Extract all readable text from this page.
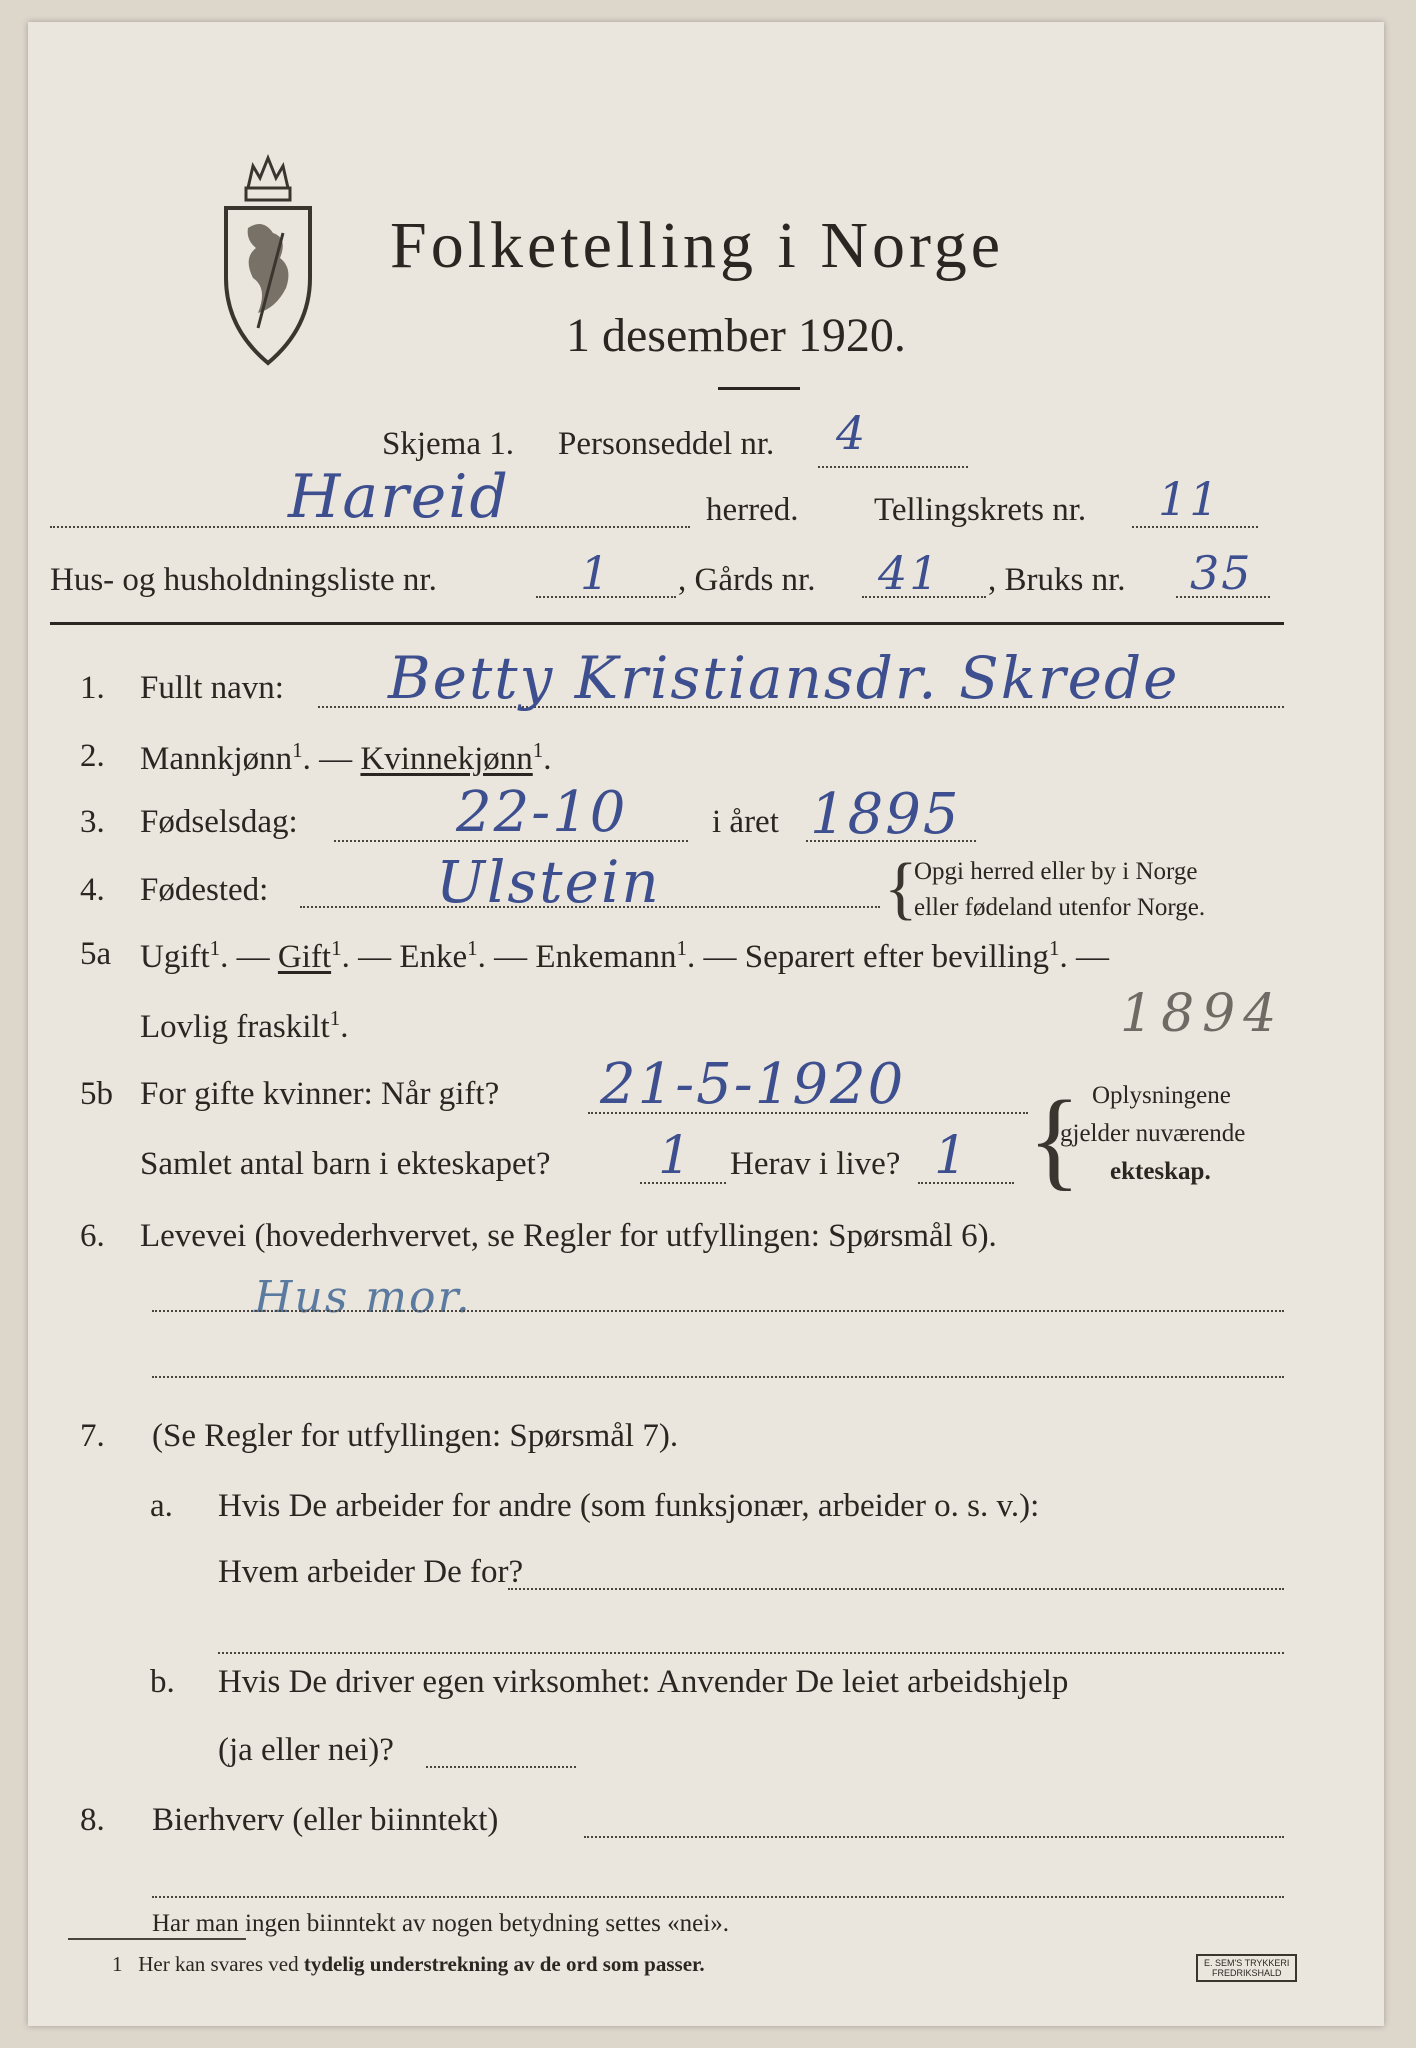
Folketelling i Norge
1 desember 1920.
Skjema 1. Personseddel nr. 4
Hareid	herred. Tellingskrets nr. 11
Hus- og husholdningsliste nr.	1 , Gårds nr. 41 , Bruks nr. 35
1. Fullt navn: Betty Kristiansdr. Skrede
2. Mannkjønn$^1$. — Kvinnekjønn$^1$.
3. Fødselsdag:	22-10	i året 1895
4. Fødested:	Ulstein	{
Opgi herred eller by i Norge
eller fødeland utenfor Norge.
5a Ugift$^1$. — Gift$^1$. — Enke$^1$. — Enkemann$^1$. — Separert efter bevilling$^1$. —
Lovlig fraskilt$^1$.	1894
5b For gifte kvinner: Når gift? 21-5-1920 { Oplysningene
gjelder nuværende
ekteskap.
Samlet antal barn i ekteskapet? 1 Herav i live? 1
6. Levevei (hovederhvervet, se Regler for utfyllingen: Spørsmål 6).
Hus mor.
7. (Se Regler for utfyllingen: Spørsmål 7).
a. Hvis De arbeider for andre (som funksjonær, arbeider o. s. v.):
Hvem arbeider De for?
b. Hvis De driver egen virksomhet: Anvender De leiet arbeidshjelp
(ja eller nei)?
8. Bierhverv (eller biinntekt)
Har man ingen biinntekt av nogen betydning settes «nei».
1 Her kan svares ved tydelig understrekning av de ord som passer.	E. SEM'S TRYKKERI
FREDRIKSHALD
